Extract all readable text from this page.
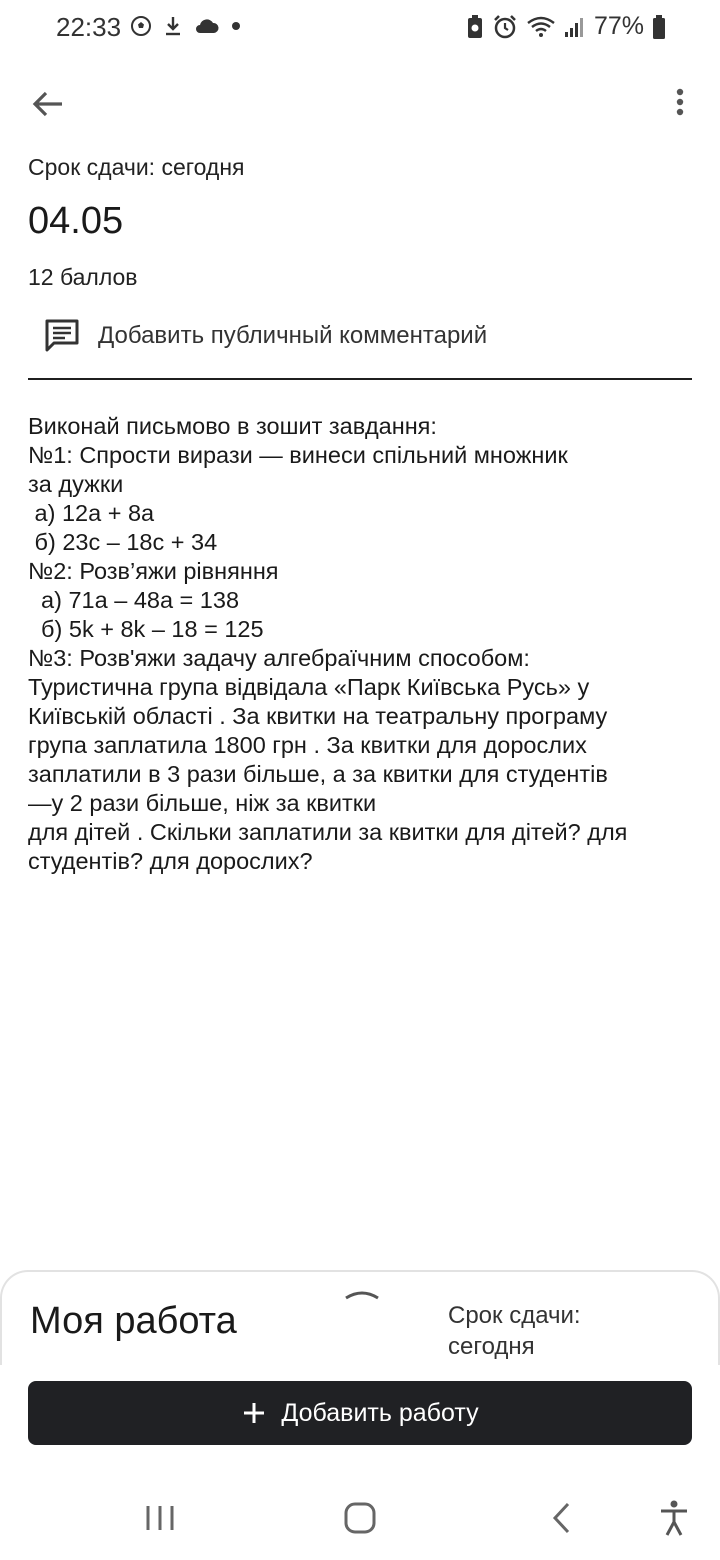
22:33	77%
Срок сдачи: сегодня
04.05
12 баллов
Добавить публичный комментарий
Виконай письмово в зошит завдання:
№1: Спрости вирази — винеси спільний множник
за дужки
а) 12а + 8а
б) 23с – 18с + 34
№2: Розв’яжи рівняння
а) 71а – 48а = 138
б) 5k + 8k – 18 = 125
№3: Розв'яжи задачу алгебраїчним способом:
Туристична група відвідала «Парк Київська Русь» у
Київській області . За квитки на театральну програму
група заплатила 1800 грн . За квитки для дорослих
заплатили в 3 рази більше, а за квитки для студентів
—у 2 рази більше, ніж за квитки
для дітей . Скільки заплатили за квитки для дітей? для
студентів? для дорослих?
Моя работа	Срок сдачи:
сегодня
Добавить работу
